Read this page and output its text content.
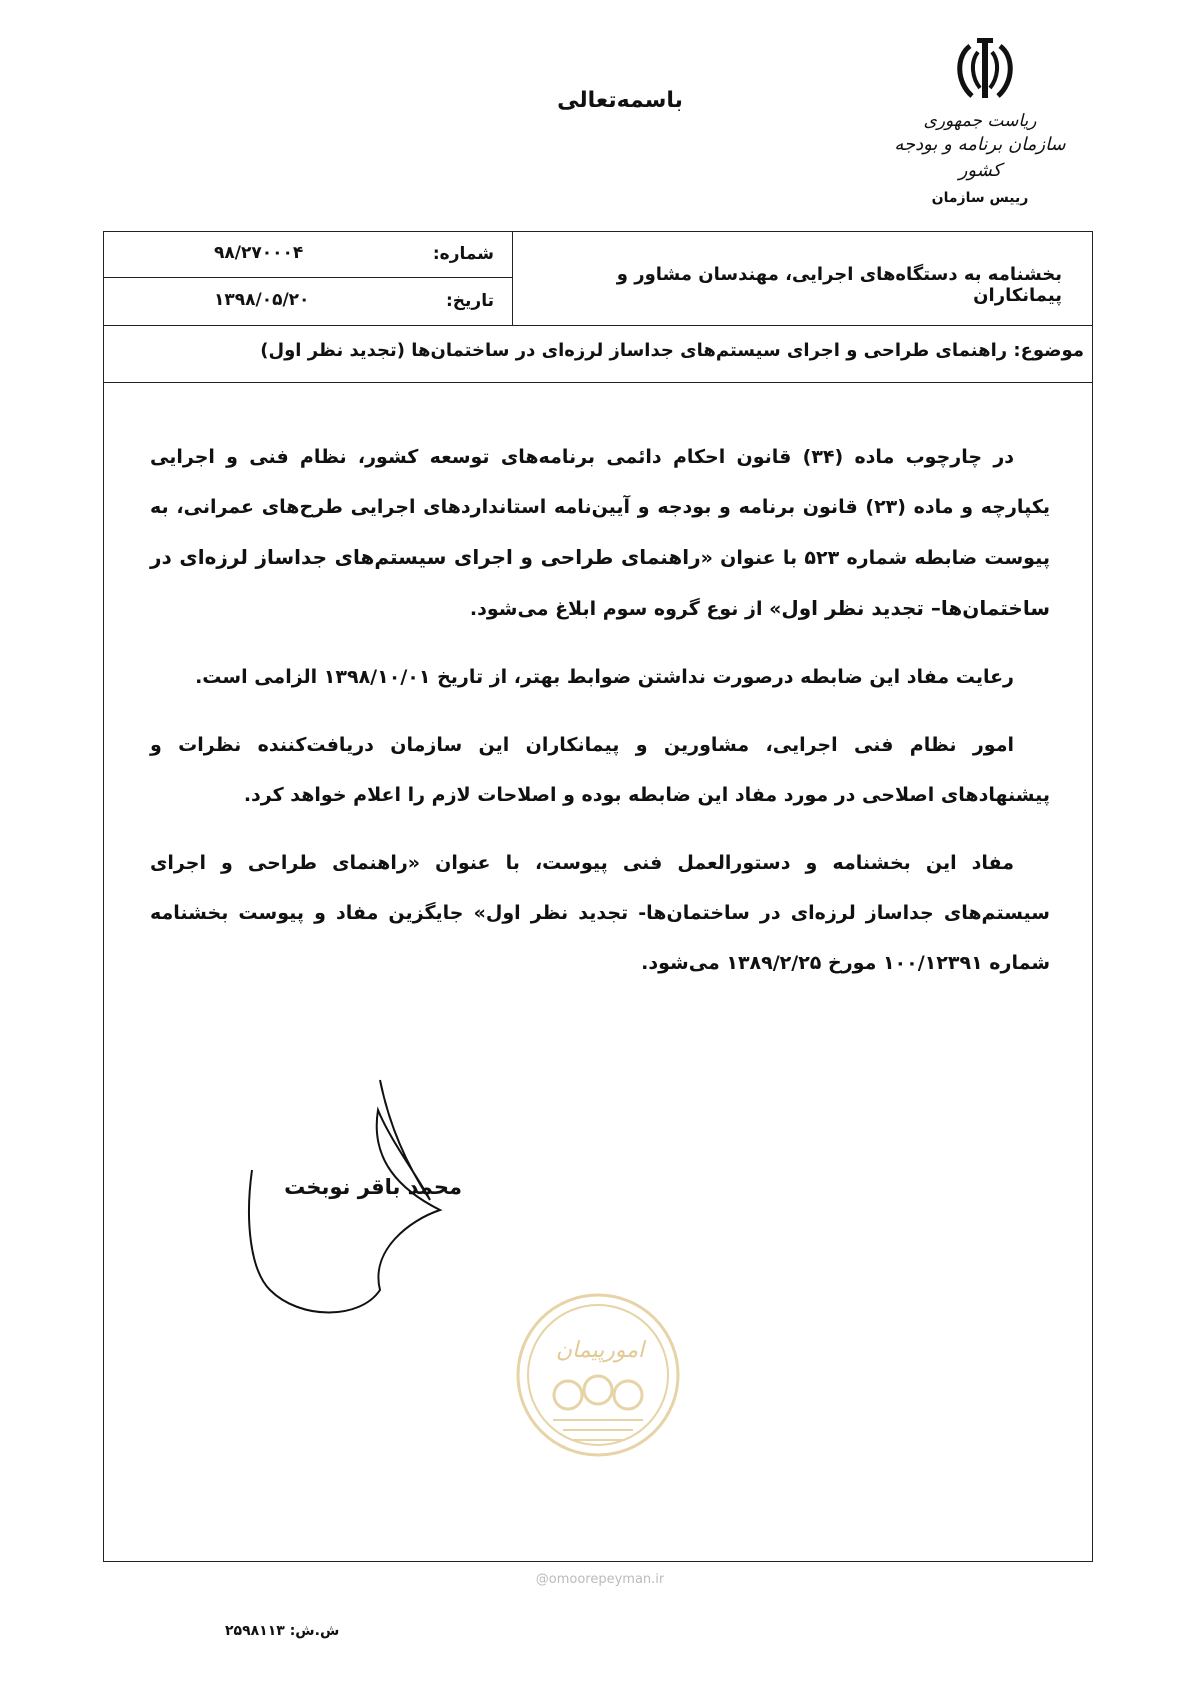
باسمه‌تعالی
ریاست جمهوری
سازمان برنامه و بودجه کشور
رییس سازمان
شماره:
۹۸/۲۷۰۰۰۴
تاریخ:
۱۳۹۸/۰۵/۲۰
بخشنامه به دستگاه‌های اجرایی، مهندسان مشاور و پیمانکاران
موضوع: راهنمای طراحی و اجرای سیستم‌های جداساز لرزه‌ای در ساختمان‌ها (تجدید نظر اول)

در چارچوب ماده (۳۴) قانون احکام دائمی برنامه‌های توسعه کشور، نظام فنی و اجرایی یکپارچه و ماده (۲۳) قانون برنامه و بودجه و آیین‌نامه استانداردهای اجرایی طرح‌های عمرانی، به پیوست ضابطه شماره ۵۲۳ با عنوان «راهنمای طراحی و اجرای سیستم‌های جداساز لرزه‌ای در ساختمان‌ها– تجدید نظر اول» از نوع گروه سوم ابلاغ می‌شود.

رعایت مفاد این ضابطه درصورت نداشتن ضوابط بهتر، از تاریخ ۱۳۹۸/۱۰/۰۱ الزامی است.

امور نظام فنی اجرایی، مشاورین و پیمانکاران این سازمان دریافت‌کننده نظرات و پیشنهادهای اصلاحی در مورد مفاد این ضابطه بوده و اصلاحات لازم را اعلام خواهد کرد.

مفاد این بخشنامه و دستورالعمل فنی پیوست، با عنوان «راهنمای طراحی و اجرای سیستم‌های جداساز لرزه‌ای در ساختمان‌ها- تجدید نظر اول» جایگزین مفاد و پیوست بخشنامه شماره ۱۰۰/۱۲۳۹۱ مورخ ۱۳۸۹/۲/۲۵ می‌شود.

محمد باقر نوبخت
امورپیمان
@omoorepeyman.ir
ش.ش: ۲۵۹۸۱۱۳
